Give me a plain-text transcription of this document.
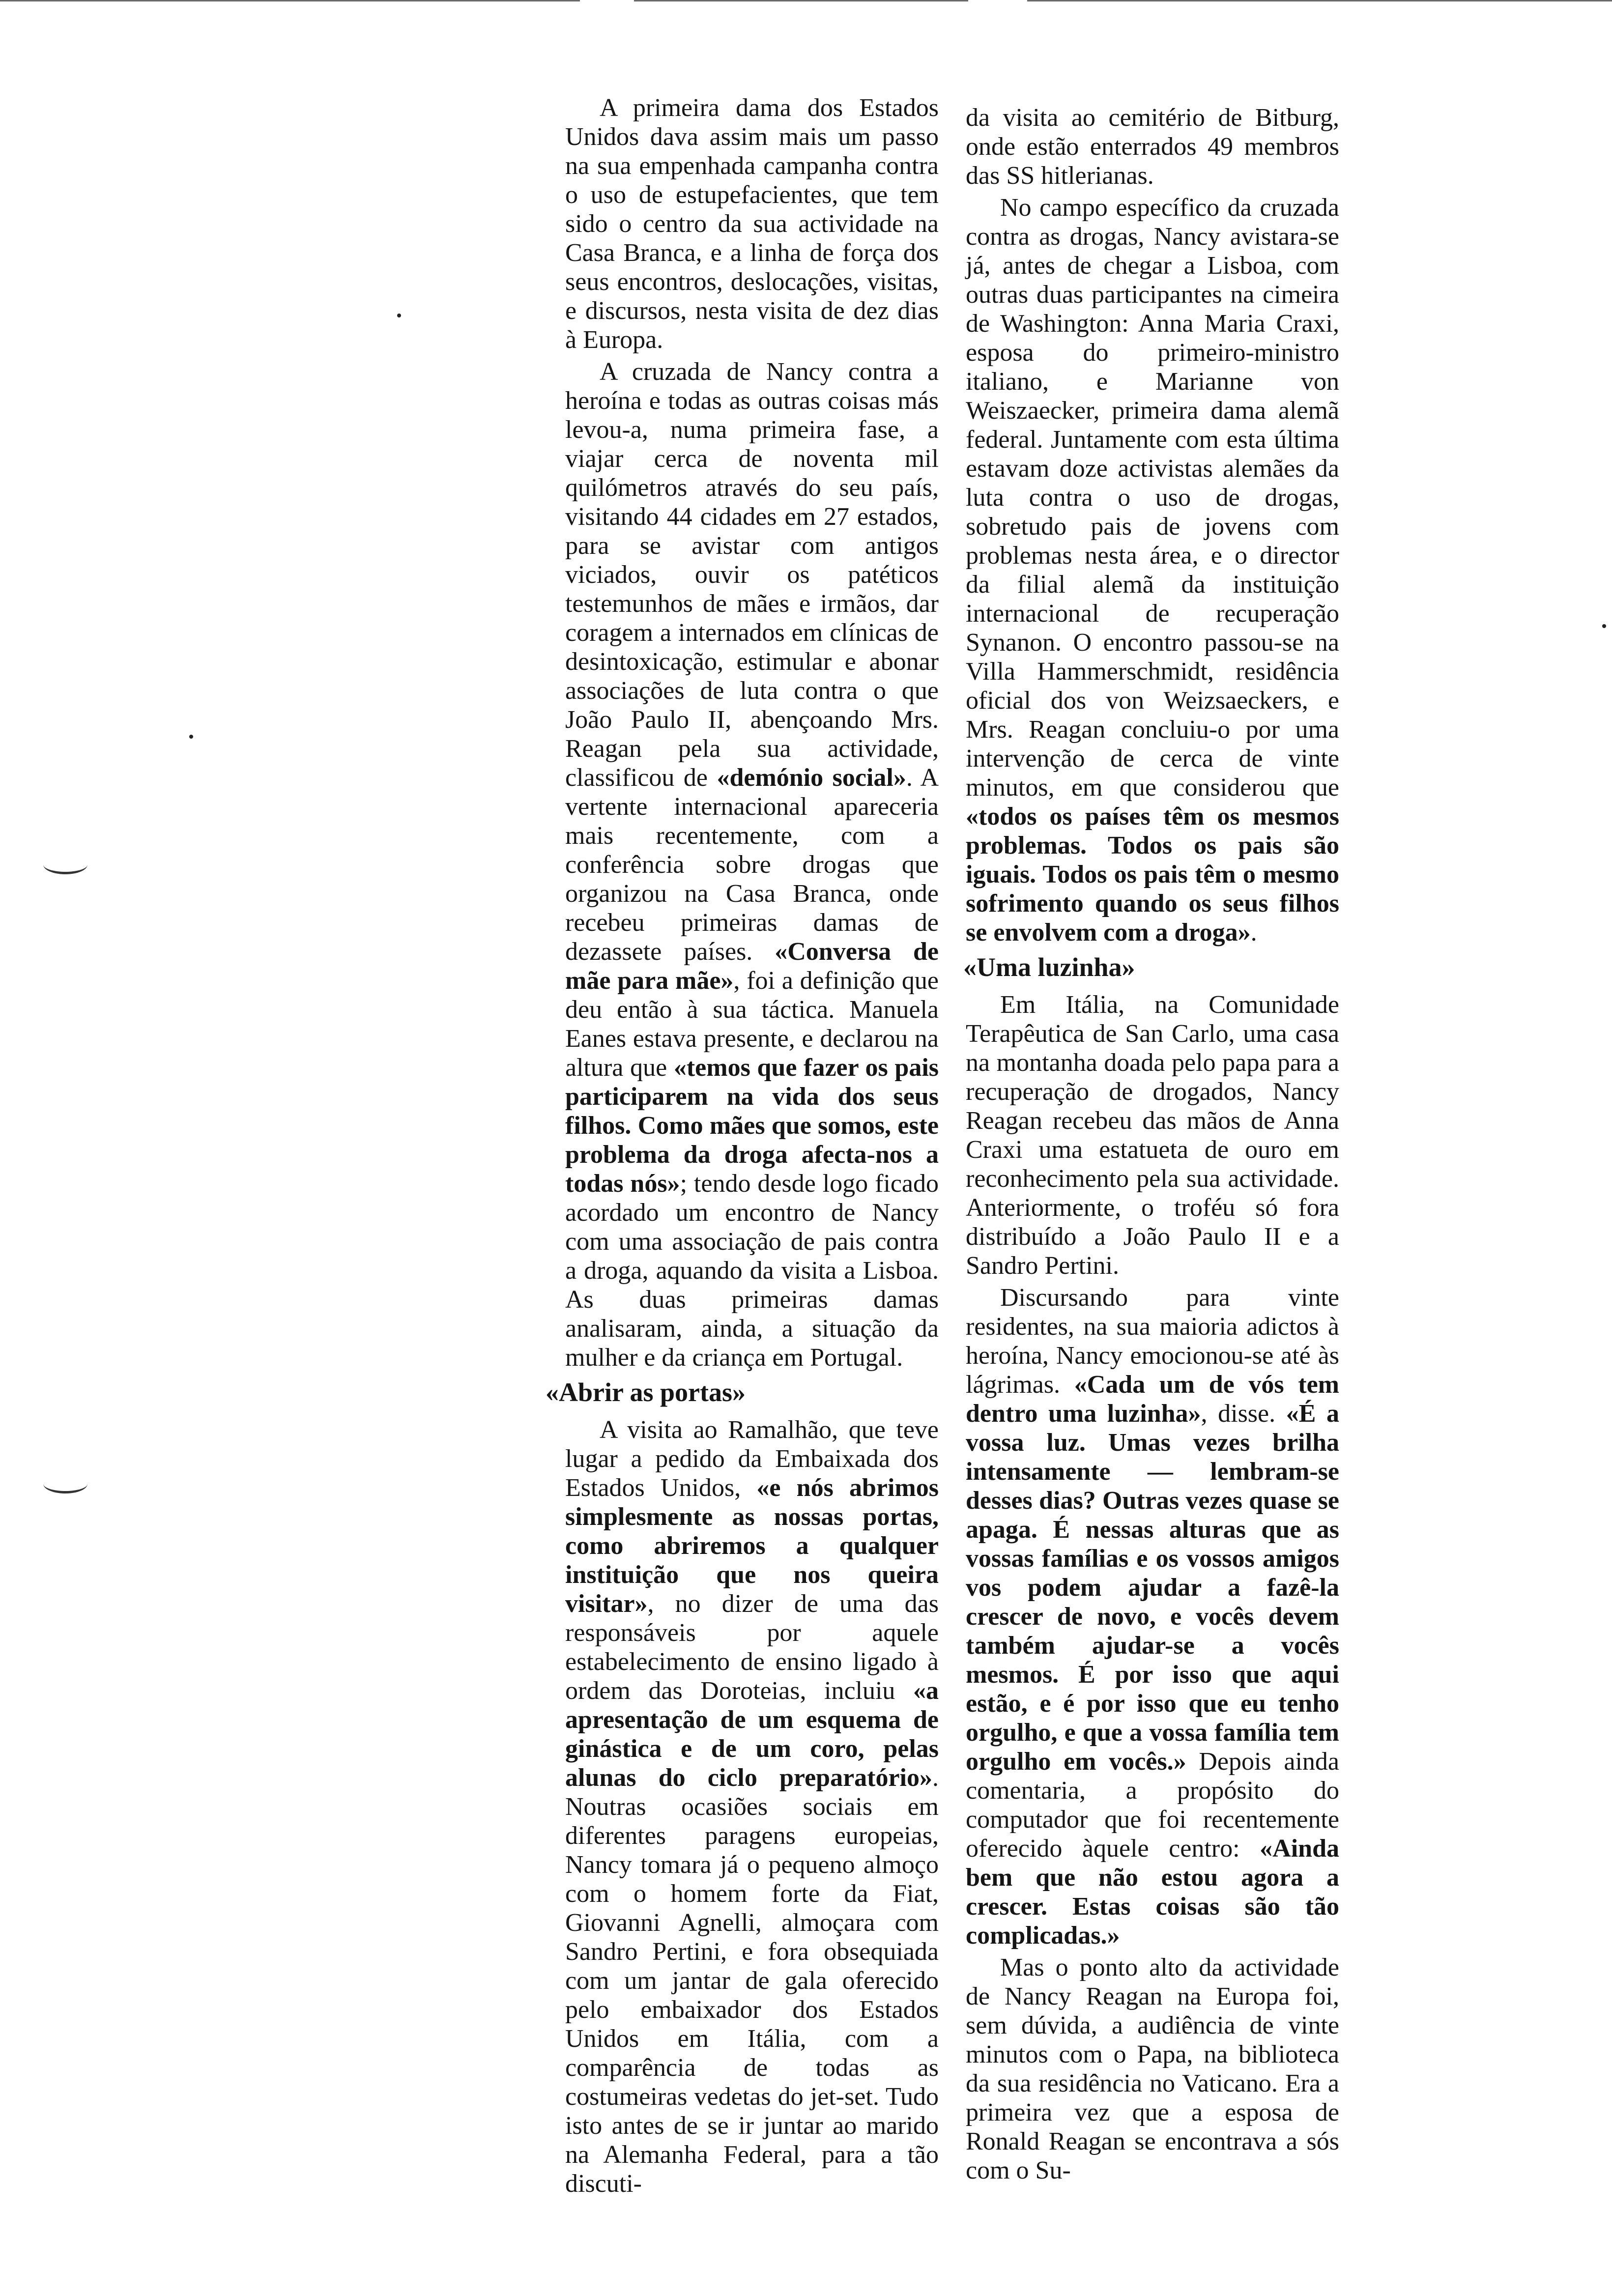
A primeira dama dos Estados Unidos dava assim mais um passo na sua empenhada campanha contra o uso de estupefacientes, que tem sido o centro da sua actividade na Casa Branca, e a linha de força dos seus encontros, deslocações, visitas, e discursos, nesta visita de dez dias à Europa.

A cruzada de Nancy contra a heroína e todas as outras coisas más levou-a, numa primeira fase, a viajar cerca de noventa mil quilómetros através do seu país, visitando 44 cidades em 27 estados, para se avistar com antigos viciados, ouvir os patéticos testemunhos de mães e irmãos, dar coragem a internados em clínicas de desintoxicação, estimular e abonar associações de luta contra o que João Paulo II, abençoando Mrs. Reagan pela sua actividade, classificou de «demónio social». A vertente internacional apareceria mais recentemente, com a conferência sobre drogas que organizou na Casa Branca, onde recebeu primeiras damas de dezassete países. «Conversa de mãe para mãe», foi a definição que deu então à sua táctica. Manuela Eanes estava presente, e declarou na altura que «temos que fazer os pais participarem na vida dos seus filhos. Como mães que somos, este problema da droga afecta-nos a todas nós»; tendo desde logo ficado acordado um encontro de Nancy com uma associação de pais contra a droga, aquando da visita a Lisboa. As duas primeiras damas analisaram, ainda, a situação da mulher e da criança em Portugal.

«Abrir as portas»

A visita ao Ramalhão, que teve lugar a pedido da Embaixada dos Estados Unidos, «e nós abrimos simplesmente as nossas portas, como abriremos a qualquer instituição que nos queira visitar», no dizer de uma das responsáveis por aquele estabelecimento de ensino ligado à ordem das Doroteias, incluiu «a apresentação de um esquema de ginástica e de um coro, pelas alunas do ciclo preparatório». Noutras ocasiões sociais em diferentes paragens europeias, Nancy tomara já o pequeno almoço com o homem forte da Fiat, Giovanni Agnelli, almoçara com Sandro Pertini, e fora obsequiada com um jantar de gala oferecido pelo embaixador dos Estados Unidos em Itália, com a comparência de todas as costumeiras vedetas do jet-set. Tudo isto antes de se ir juntar ao marido na Alemanha Federal, para a tão discuti-

da visita ao cemitério de Bitburg, onde estão enterrados 49 membros das SS hitlerianas.

No campo específico da cruzada contra as drogas, Nancy avistara-se já, antes de chegar a Lisboa, com outras duas participantes na cimeira de Washington: Anna Maria Craxi, esposa do primeiro-ministro italiano, e Marianne von Weiszaecker, primeira dama alemã federal. Juntamente com esta última estavam doze activistas alemães da luta contra o uso de drogas, sobretudo pais de jovens com problemas nesta área, e o director da filial alemã da instituição internacional de recuperação Synanon. O encontro passou-se na Villa Hammerschmidt, residência oficial dos von Weizsaeckers, e Mrs. Reagan concluiu-o por uma intervenção de cerca de vinte minutos, em que considerou que «todos os países têm os mesmos problemas. Todos os pais são iguais. Todos os pais têm o mesmo sofrimento quando os seus filhos se envolvem com a droga».

«Uma luzinha»

Em Itália, na Comunidade Terapêutica de San Carlo, uma casa na montanha doada pelo papa para a recuperação de drogados, Nancy Reagan recebeu das mãos de Anna Craxi uma estatueta de ouro em reconhecimento pela sua actividade. Anteriormente, o troféu só fora distribuído a João Paulo II e a Sandro Pertini.

Discursando para vinte residentes, na sua maioria adictos à heroína, Nancy emocionou-se até às lágrimas. «Cada um de vós tem dentro uma luzinha», disse. «É a vossa luz. Umas vezes brilha intensamente — lembram-se desses dias? Outras vezes quase se apaga. É nessas alturas que as vossas famílias e os vossos amigos vos podem ajudar a fazê-la crescer de novo, e vocês devem também ajudar-se a vocês mesmos. É por isso que aqui estão, e é por isso que eu tenho orgulho, e que a vossa família tem orgulho em vocês.» Depois ainda comentaria, a propósito do computador que foi recentemente oferecido àquele centro: «Ainda bem que não estou agora a crescer. Estas coisas são tão complicadas.»

Mas o ponto alto da actividade de Nancy Reagan na Europa foi, sem dúvida, a audiência de vinte minutos com o Papa, na biblioteca da sua residência no Vaticano. Era a primeira vez que a esposa de Ronald Reagan se encontrava a sós com o Su-
